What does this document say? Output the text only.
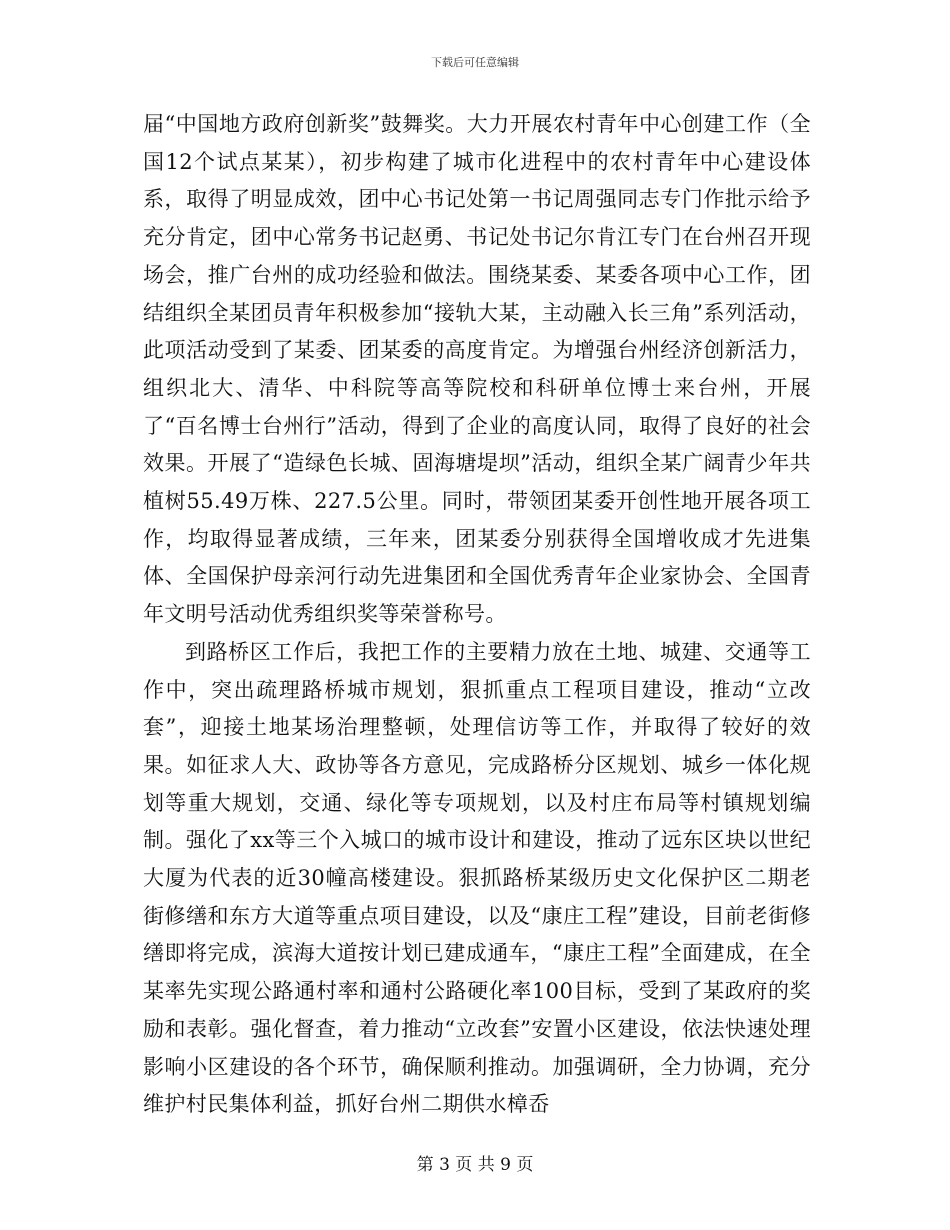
下载后可任意编辑

届“中国地方政府创新奖”鼓舞奖。大力开展农村青年中心创建工作（全国12个试点某某），初步构建了城市化进程中的农村青年中心建设体系，取得了明显成效，团中心书记处第一书记周强同志专门作批示给予充分肯定，团中心常务书记赵勇、书记处书记尔肯江专门在台州召开现场会，推广台州的成功经验和做法。围绕某委、某委各项中心工作，团结组织全某团员青年积极参加“接轨大某，主动融入长三角”系列活动，此项活动受到了某委、团某委的高度肯定。为增强台州经济创新活力，组织北大、清华、中科院等高等院校和科研单位博士来台州，开展了“百名博士台州行”活动，得到了企业的高度认同，取得了良好的社会效果。开展了“造绿色长城、固海塘堤坝”活动，组织全某广阔青少年共植树55.49万株、227.5公里。同时，带领团某委开创性地开展各项工作，均取得显著成绩，三年来，团某委分别获得全国增收成才先进集体、全国保护母亲河行动先进集团和全国优秀青年企业家协会、全国青年文明号活动优秀组织奖等荣誉称号。

到路桥区工作后，我把工作的主要精力放在土地、城建、交通等工作中，突出疏理路桥城市规划，狠抓重点工程项目建设，推动“立改套”，迎接土地某场治理整顿，处理信访等工作，并取得了较好的效果。如征求人大、政协等各方意见，完成路桥分区规划、城乡一体化规划等重大规划，交通、绿化等专项规划，以及村庄布局等村镇规划编制。强化了xx等三个入城口的城市设计和建设，推动了远东区块以世纪大厦为代表的近30幢高楼建设。狠抓路桥某级历史文化保护区二期老街修缮和东方大道等重点项目建设，以及“康庄工程”建设，目前老街修缮即将完成，滨海大道按计划已建成通车，“康庄工程”全面建成，在全某率先实现公路通村率和通村公路硬化率100目标，受到了某政府的奖励和表彰。强化督查，着力推动“立改套”安置小区建设，依法快速处理影响小区建设的各个环节，确保顺利推动。加强调研，全力协调，充分维护村民集体利益，抓好台州二期供水樟岙

第 3 页 共 9 页
